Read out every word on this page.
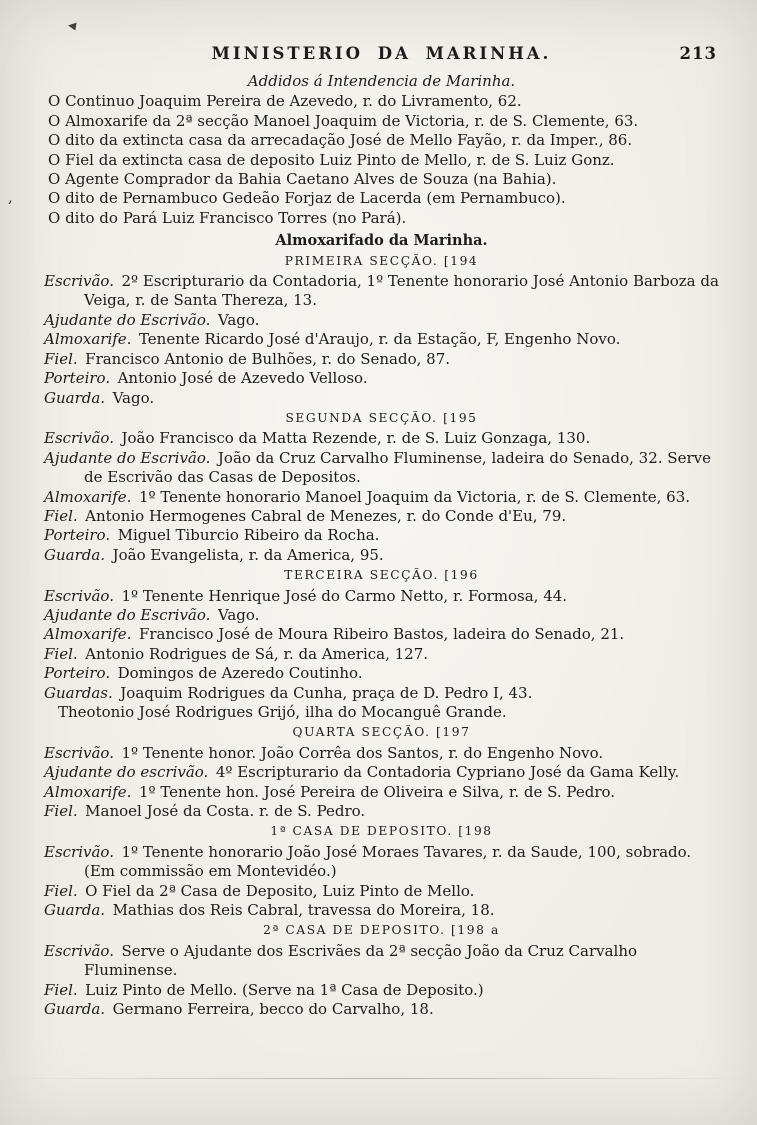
MINISTERIO DA MARINHA.	213
,
Addidos á Intendencia de Marinha.

O Continuo Joaquim Pereira de Azevedo, r. do Livramento, 62.

O Almoxarife da 2ª secção Manoel Joaquim de Victoria, r. de S. Clemente, 63.

O dito da extincta casa da arrecadação José de Mello Fayão, r. da Imper., 86.

O Fiel da extincta casa de deposito Luiz Pinto de Mello, r. de S. Luiz Gonz.

O Agente Comprador da Bahia Caetano Alves de Souza (na Bahia).

O dito de Pernambuco Gedeão Forjaz de Lacerda (em Pernambuco).

O dito do Pará Luiz Francisco Torres (no Pará).

Almoxarifado da Marinha.
PRIMEIRA SECÇÃO. [194

Escrivão.  2º Escripturario da Contadoria, 1º Tenente honorario José Antonio Barboza da Veiga, r. de Santa Thereza, 13.

Ajudante do Escrivão.  Vago.

Almoxarife.  Tenente Ricardo José d'Araujo, r. da Estação, F, Engenho Novo.

Fiel.  Francisco Antonio de Bulhões, r. do Senado, 87.

Porteiro.  Antonio José de Azevedo Velloso.

Guarda.  Vago.

SEGUNDA SECÇÃO. [195

Escrivão.  João Francisco da Matta Rezende, r. de S. Luiz Gonzaga, 130.

Ajudante do Escrivão.  João da Cruz Carvalho Fluminense, ladeira do Senado, 32. Serve de Escrivão das Casas de Depositos.

Almoxarife.  1º Tenente honorario Manoel Joaquim da Victoria, r. de S. Clemente, 63.

Fiel.  Antonio Hermogenes Cabral de Menezes, r. do Conde d'Eu, 79.

Porteiro.  Miguel Tiburcio Ribeiro da Rocha.

Guarda.  João Evangelista, r. da America, 95.

TERCEIRA SECÇÃO. [196

Escrivão.  1º Tenente Henrique José do Carmo Netto, r. Formosa, 44.

Ajudante do Escrivão.  Vago.

Almoxarife.  Francisco José de Moura Ribeiro Bastos, ladeira do Senado, 21.

Fiel.  Antonio Rodrigues de Sá, r. da America, 127.

Porteiro.  Domingos de Azeredo Coutinho.

Guardas.  Joaquim Rodrigues da Cunha, praça de D. Pedro I, 43.

Theotonio José Rodrigues Grijó, ilha do Mocanguê Grande.

QUARTA SECÇÃO. [197

Escrivão.  1º Tenente honor. João Corrêa dos Santos, r. do Engenho Novo.

Ajudante do escrivão.  4º Escripturario da Contadoria Cypriano José da Gama Kelly.

Almoxarife.  1º Tenente hon. José Pereira de Oliveira e Silva, r. de S. Pedro.

Fiel.  Manoel José da Costa. r. de S. Pedro.

1ª CASA DE DEPOSITO. [198

Escrivão.  1º Tenente honorario João José Moraes Tavares, r. da Saude, 100, sobrado. (Em commissão em Montevidéo.)

Fiel.  O Fiel da 2ª Casa de Deposito, Luiz Pinto de Mello.

Guarda.  Mathias dos Reis Cabral, travessa do Moreira, 18.

2ª CASA DE DEPOSITO. [198 a

Escrivão.  Serve o Ajudante dos Escrivães da 2ª secção João da Cruz Carvalho Fluminense.

Fiel.  Luiz Pinto de Mello. (Serve na 1ª Casa de Deposito.)

Guarda.  Germano Ferreira, becco do Carvalho, 18.
